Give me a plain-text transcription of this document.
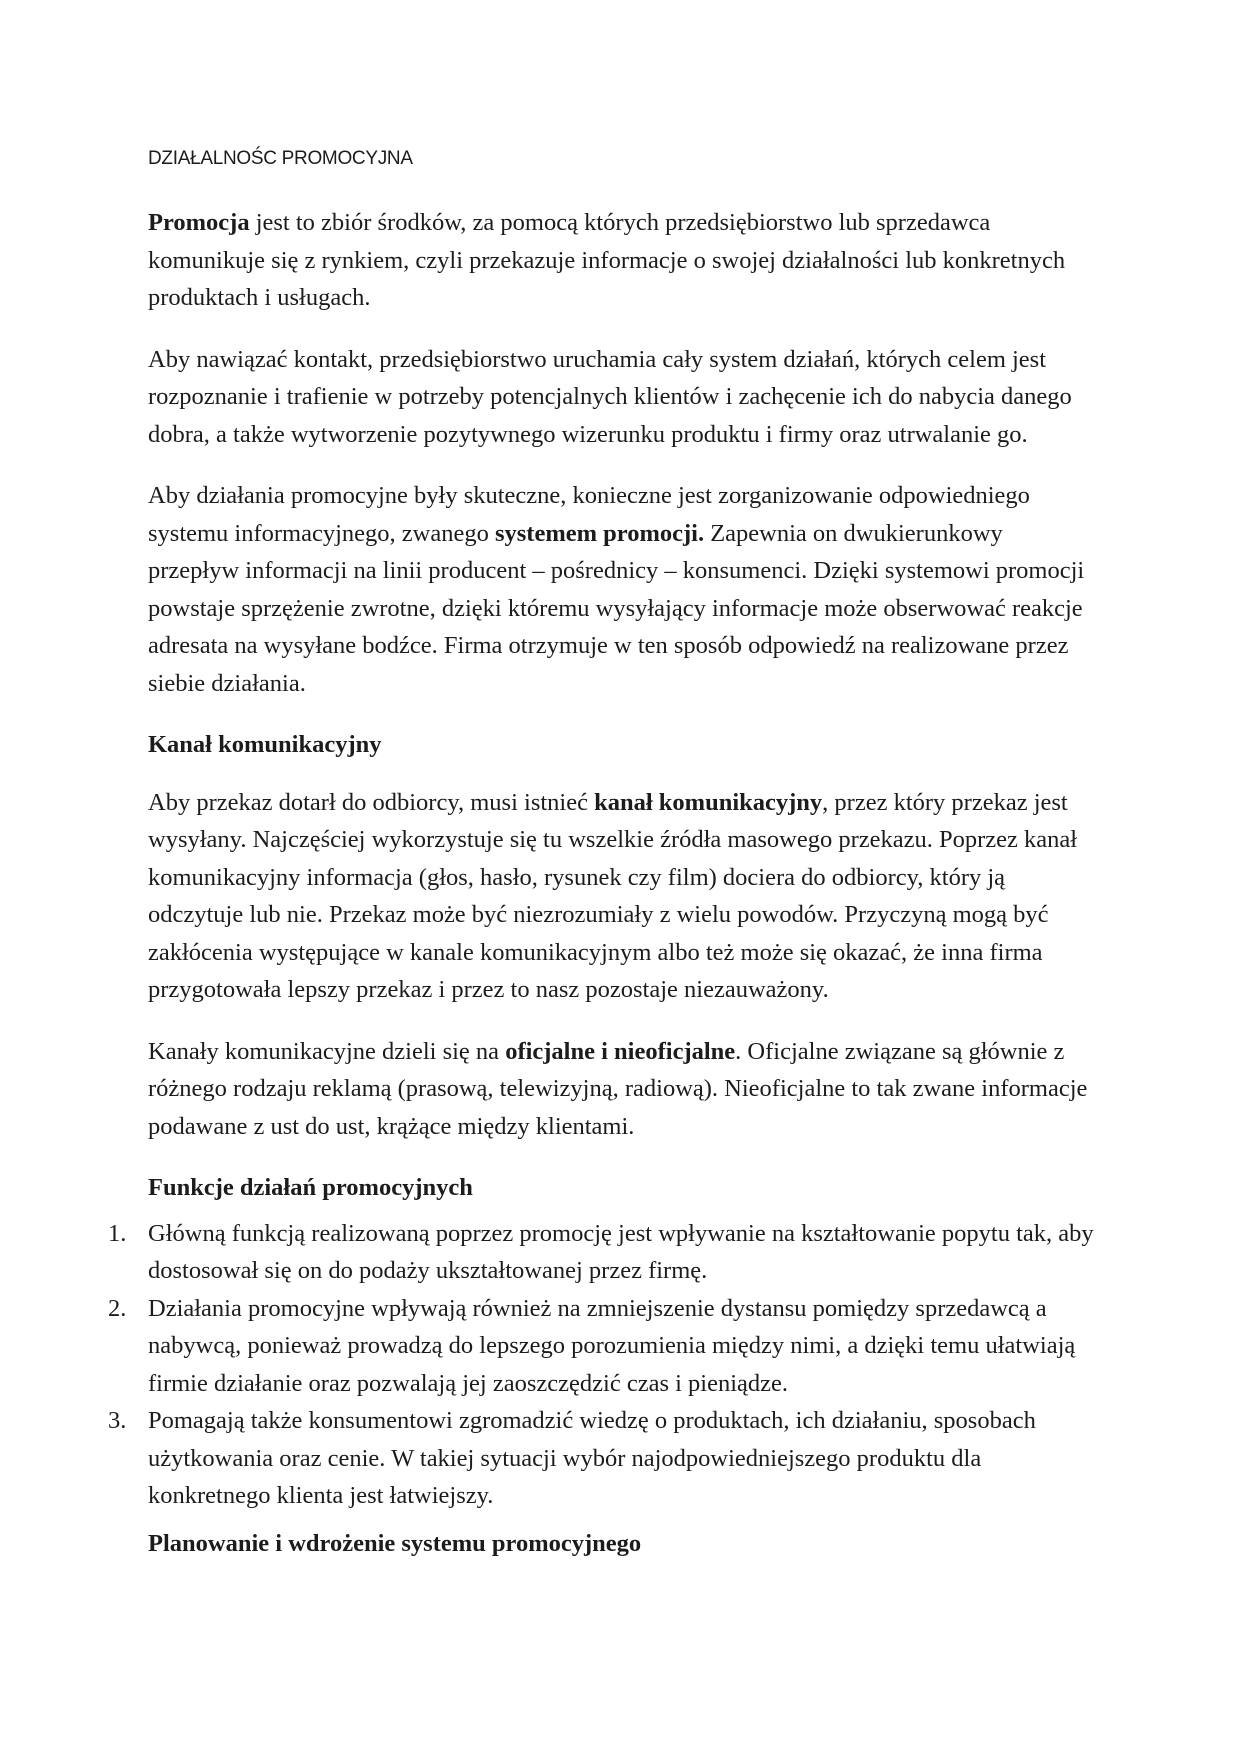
DZIAŁALNOŚC PROMOCYJNA

Promocja jest to zbiór środków, za pomocą których przedsiębiorstwo lub sprzedawca komunikuje się z rynkiem, czyli przekazuje informacje o swojej działalności lub konkretnych produktach i usługach.

Aby nawiązać kontakt, przedsiębiorstwo uruchamia cały system działań, których celem jest rozpoznanie i trafienie w potrzeby potencjalnych klientów i zachęcenie ich do nabycia danego dobra, a także wytworzenie pozytywnego wizerunku produktu i firmy oraz utrwalanie go.

Aby działania promocyjne były skuteczne, konieczne jest zorganizowanie odpowiedniego systemu informacyjnego, zwanego systemem promocji. Zapewnia on dwukierunkowy przepływ informacji na linii producent – pośrednicy – konsumenci. Dzięki systemowi promocji powstaje sprzężenie zwrotne, dzięki któremu wysyłający informacje może obserwować reakcje adresata na wysyłane bodźce. Firma otrzymuje w ten sposób odpowiedź na realizowane przez siebie działania.

Kanał komunikacyjny

Aby przekaz dotarł do odbiorcy, musi istnieć kanał komunikacyjny, przez który przekaz jest wysyłany. Najczęściej wykorzystuje się tu wszelkie źródła masowego przekazu. Poprzez kanał komunikacyjny informacja (głos, hasło, rysunek czy film) dociera do odbiorcy, który ją odczytuje lub nie. Przekaz może być niezrozumiały z wielu powodów. Przyczyną mogą być zakłócenia występujące w kanale komunikacyjnym albo też może się okazać, że inna firma przygotowała lepszy przekaz i przez to nasz pozostaje niezauważony.

Kanały komunikacyjne dzieli się na oficjalne i nieoficjalne. Oficjalne związane są głównie z różnego rodzaju reklamą (prasową, telewizyjną, radiową). Nieoficjalne to tak zwane informacje podawane z ust do ust, krążące między klientami.

Funkcje działań promocyjnych
1. Główną funkcją realizowaną poprzez promocję jest wpływanie na kształtowanie popytu tak, aby dostosował się on do podaży ukształtowanej przez firmę.
2. Działania promocyjne wpływają również na zmniejszenie dystansu pomiędzy sprzedawcą a nabywcą, ponieważ prowadzą do lepszego porozumienia między nimi, a dzięki temu ułatwiają firmie działanie oraz pozwalają jej zaoszczędzić czas i pieniądze.
3. Pomagają także konsumentowi zgromadzić wiedzę o produktach, ich działaniu, sposobach użytkowania oraz cenie. W takiej sytuacji wybór najodpowiedniejszego produktu dla konkretnego klienta jest łatwiejszy.
Planowanie i wdrożenie systemu promocyjnego
